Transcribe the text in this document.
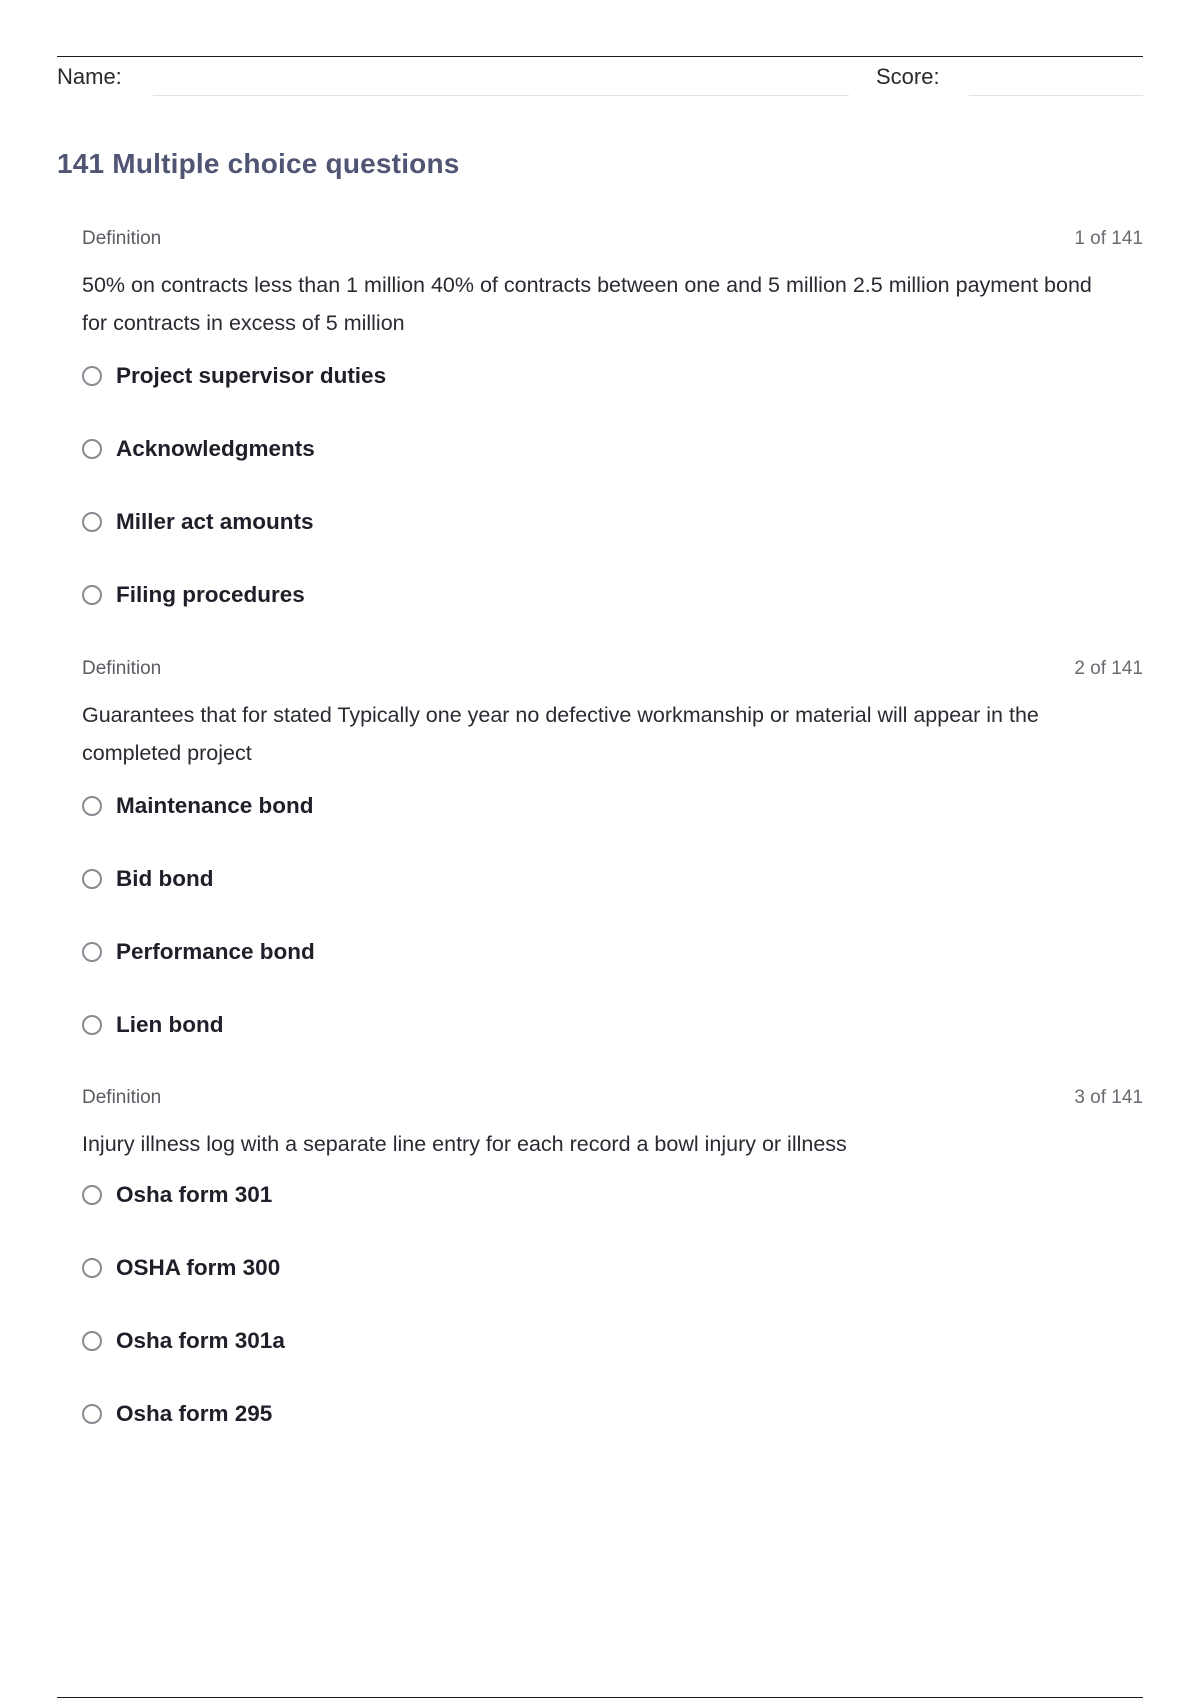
Name:	Score:
141 Multiple choice questions
Definition	1 of 141
50% on contracts less than 1 million 40% of contracts between one and 5 million 2.5 million payment bond for contracts in excess of 5 million
Project supervisor duties
Acknowledgments
Miller act amounts
Filing procedures
Definition	2 of 141
Guarantees that for stated Typically one year no defective workmanship or material will appear in the completed project
Maintenance bond
Bid bond
Performance bond
Lien bond
Definition	3 of 141
Injury illness log with a separate line entry for each record a bowl injury or illness
Osha form 301
OSHA form 300
Osha form 301a
Osha form 295
